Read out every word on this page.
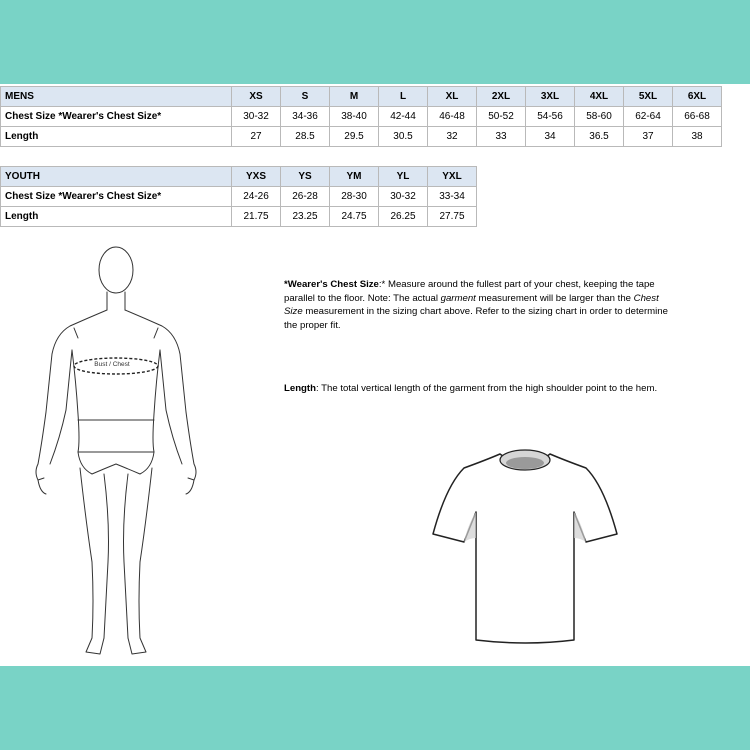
MENS	XS	S	M	L	XL	2XL	3XL	4XL	5XL	6XL
Chest Size *Wearer's Chest Size*	30-32	34-36	38-40	42-44	46-48	50-52	54-56	58-60	62-64	66-68
Length	27	28.5	29.5	30.5	32	33	34	36.5	37	38
YOUTH	YXS	YS	YM	YL	YXL
Chest Size *Wearer's Chest Size*	24-26	26-28	28-30	30-32	33-34
Length	21.75	23.25	24.75	26.25	27.75
Bust / Chest

*Wearer's Chest Size:* Measure around the fullest part of your chest, keeping the tape parallel to the floor. Note: The actual garment measurement will be larger than the Chest Size measurement in the sizing chart above. Refer to the sizing chart in order to determine the proper fit.

Length: The total vertical length of the garment from the high shoulder point to the hem.
